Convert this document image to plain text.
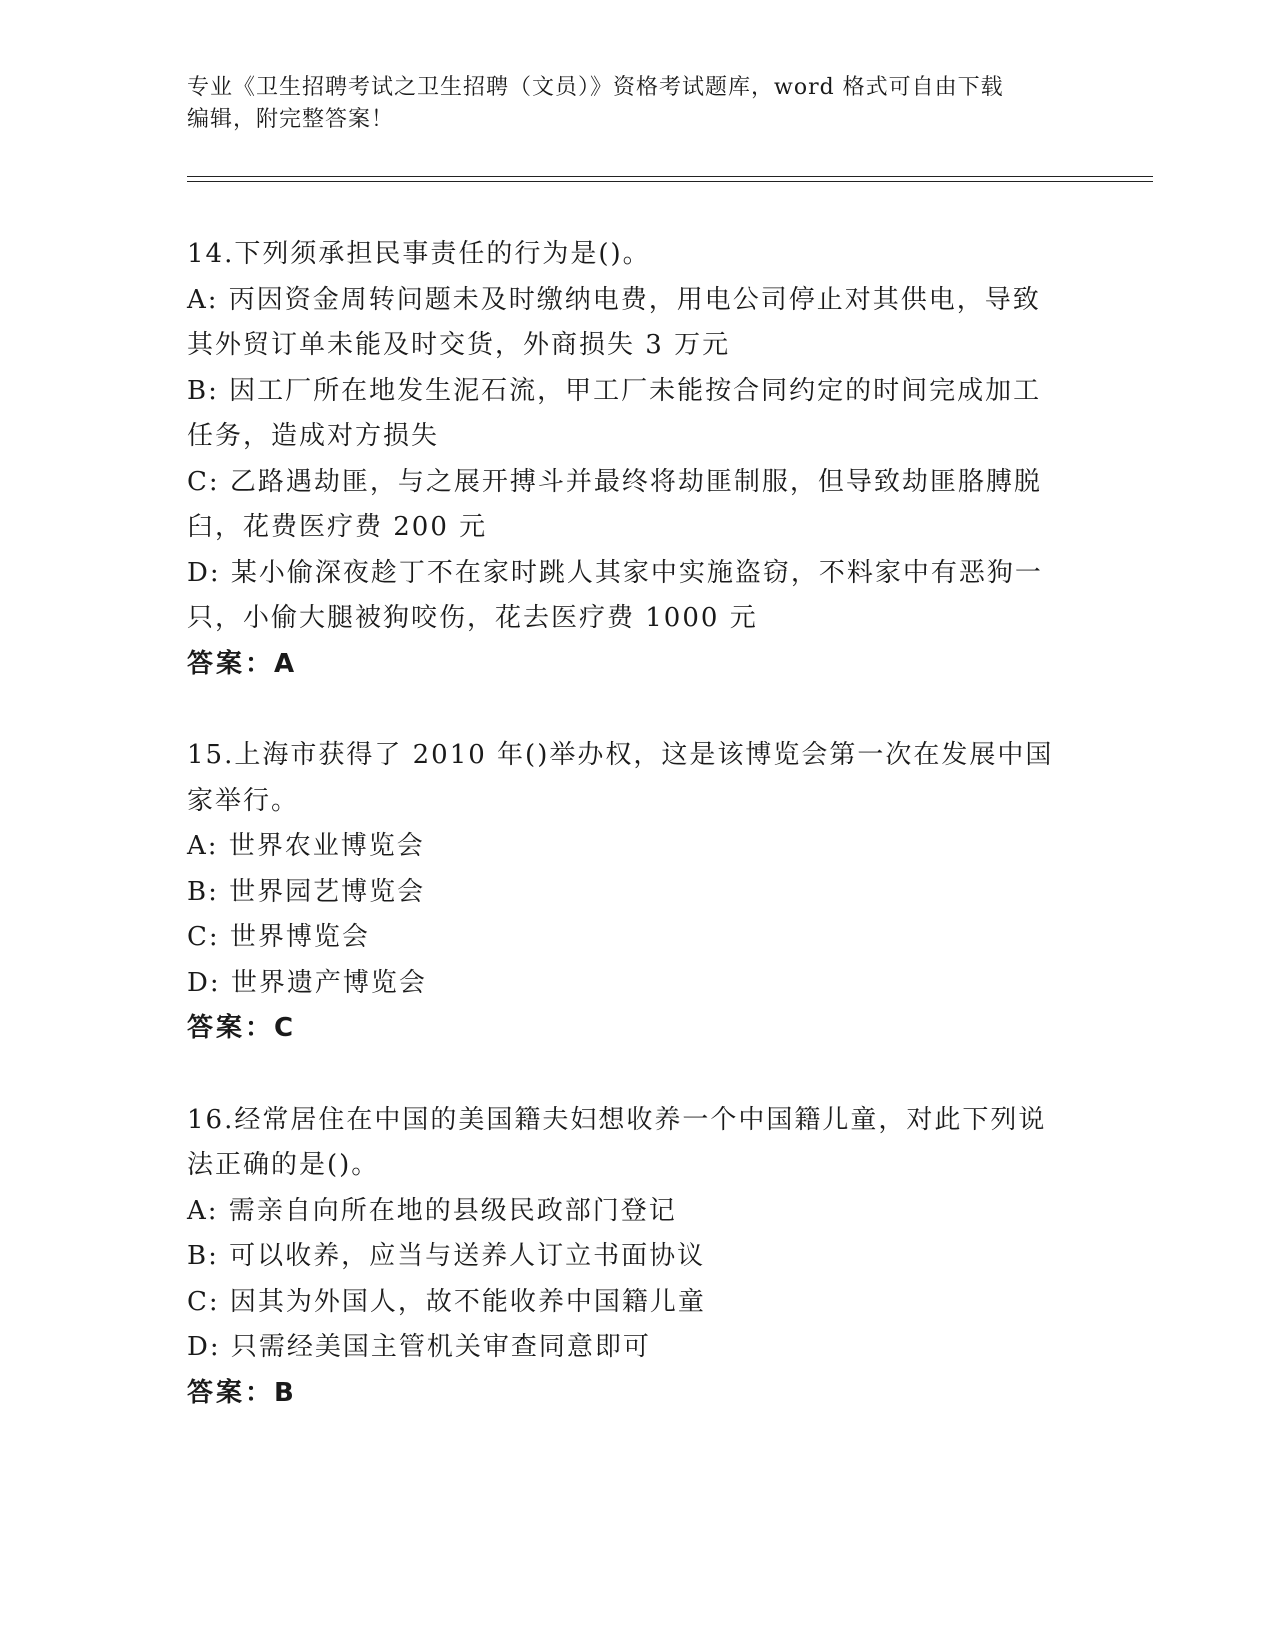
专业《卫生招聘考试之卫生招聘（文员）》资格考试题库，word 格式可自由下载
编辑，附完整答案！
14.下列须承担民事责任的行为是()。
A: 丙因资金周转问题未及时缴纳电费，用电公司停止对其供电，导致
其外贸订单未能及时交货，外商损失 3 万元
B: 因工厂所在地发生泥石流，甲工厂未能按合同约定的时间完成加工
任务，造成对方损失
C: 乙路遇劫匪，与之展开搏斗并最终将劫匪制服，但导致劫匪胳膊脱
臼，花费医疗费 200 元
D: 某小偷深夜趁丁不在家时跳人其家中实施盗窃，不料家中有恶狗一
只，小偷大腿被狗咬伤，花去医疗费 1000 元
答案：A
15.上海市获得了 2010 年()举办权，这是该博览会第一次在发展中国
家举行。
A: 世界农业博览会
B: 世界园艺博览会
C: 世界博览会
D: 世界遗产博览会
答案：C
16.经常居住在中国的美国籍夫妇想收养一个中国籍儿童，对此下列说
法正确的是()。
A: 需亲自向所在地的县级民政部门登记
B: 可以收养，应当与送养人订立书面协议
C: 因其为外国人，故不能收养中国籍儿童
D: 只需经美国主管机关审查同意即可
答案：B
